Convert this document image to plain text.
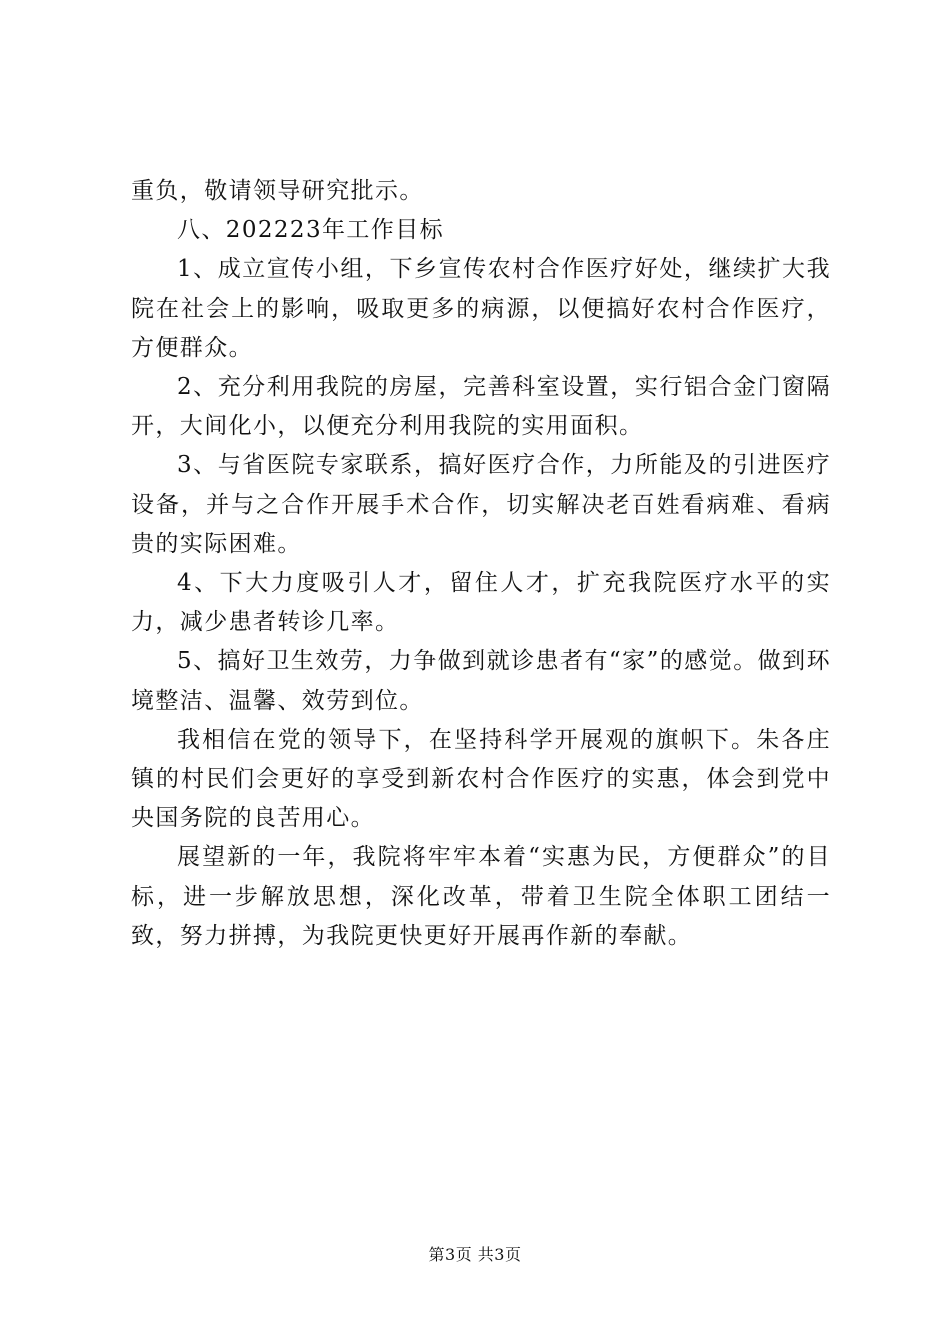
重负，敬请领导研究批示。

八、202223年工作目标

1、成立宣传小组，下乡宣传农村合作医疗好处，继续扩大我院在社会上的影响，吸取更多的病源，以便搞好农村合作医疗，方便群众。

2、充分利用我院的房屋，完善科室设置，实行铝合金门窗隔开，大间化小，以便充分利用我院的实用面积。

3、与省医院专家联系，搞好医疗合作，力所能及的引进医疗设备，并与之合作开展手术合作，切实解决老百姓看病难、看病贵的实际困难。

4、下大力度吸引人才，留住人才，扩充我院医疗水平的实力，减少患者转诊几率。

5、搞好卫生效劳，力争做到就诊患者有“家”的感觉。做到环境整洁、温馨、效劳到位。

我相信在党的领导下，在坚持科学开展观的旗帜下。朱各庄镇的村民们会更好的享受到新农村合作医疗的实惠，体会到党中央国务院的良苦用心。

展望新的一年，我院将牢牢本着“实惠为民，方便群众”的目标，进一步解放思想，深化改革，带着卫生院全体职工团结一致，努力拼搏，为我院更快更好开展再作新的奉献。

第3页 共3页
